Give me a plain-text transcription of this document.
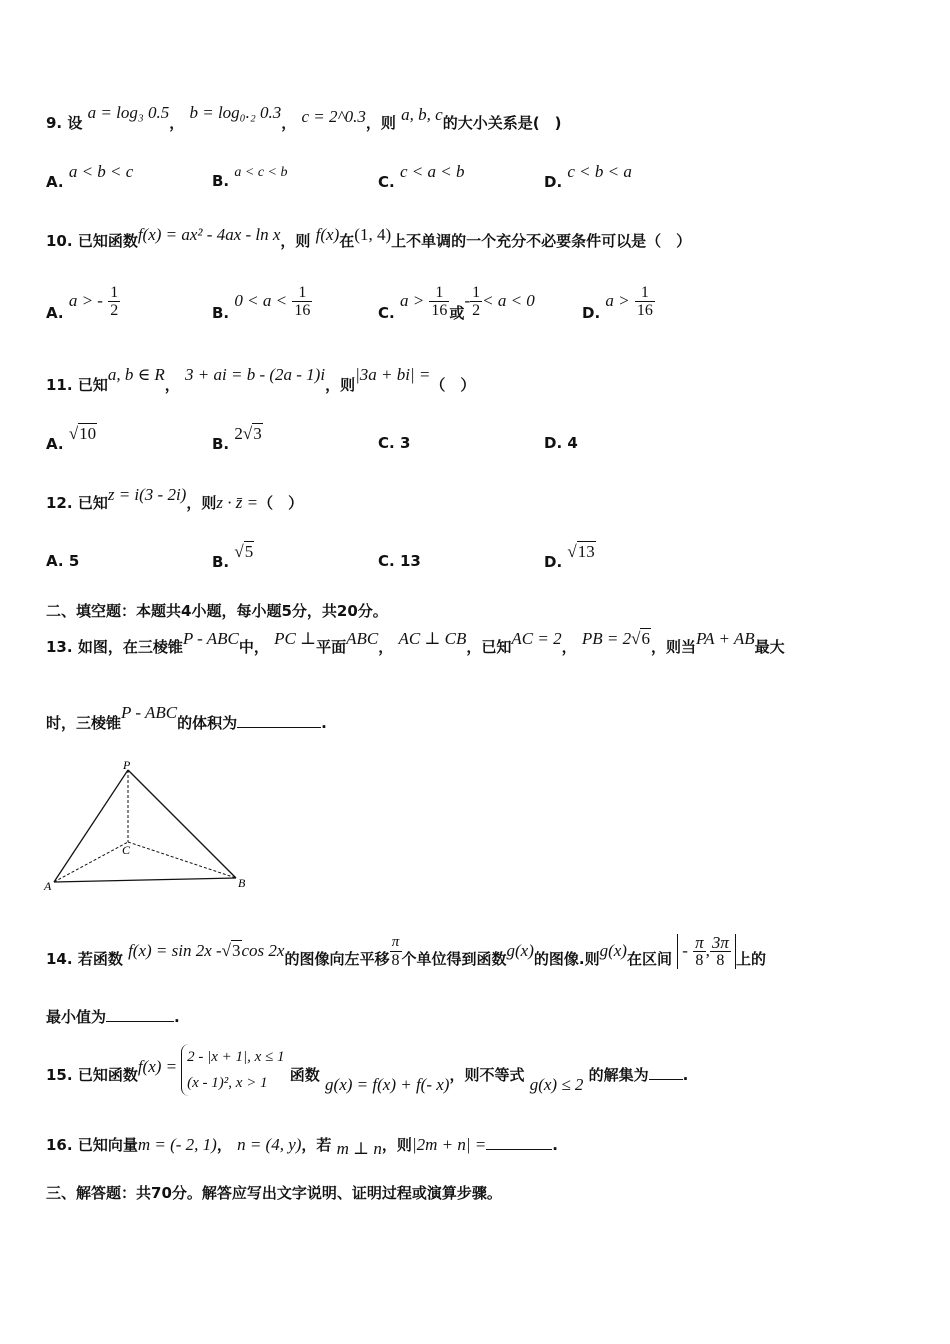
9. 设 a = log₃ 0.5， b = log₀.₂ 0.3， c = 2^0.3，则 a, b, c的大小关系是(　)
A. a < b < c	B. a < c < b
C. c < a < b
D. c < b < a
10. 已知函数f(x) = ax² - 4ax - ln x，则 f(x)在(1, 4)上不单调的一个充分不必要条件可以是（　）
A. a > - $\frac{1}{2}$	B. $0 < a < \frac{1}{16}$	C. $a > \frac{1}{16}$ 或- $\frac{1}{2} < a < 0$
D. $a > \frac{1}{16}$
11. 已知a, b ∈ R， 3 + ai = b - (2a - 1)i，则|3a + bi| =（　）
A. √10
B. 2√3	C. 3	D. 4
12. 已知z = i(3 - 2i)，则z · z̄ =（　）
A. 5	B. √5	C. 13	D. √13
二、填空题：本题共4小题，每小题5分，共20分。
13. 如图，在三棱锥P - ABC中， PC ⊥平面ABC， AC ⊥ CB，已知AC = 2， PB = 2√6，则当PA + AB最大
时，三棱锥P - ABC的体积为	.
P
C
A	B
14. 若函数 f(x) = sin 2x -√3cos 2x的图像向左平移 $\frac{\pi}{8}$ 个单位得到函数g(x)的图像.则g(x)在区间 - $\frac{\pi}{8}$ , $\frac{3\pi}{8}$ 上的
最小值为	.
15. 已知函数f(x) = 2 - |x + 1|, x ≤ 1
(x - 1)², x > 1	函数 g(x) = f(x) + f(- x)，则不等式 g(x) ≤ 2 的解集为 .
16. 已知向量m = (- 2, 1)， n = (4, y)，若 m ⊥ n，则|2m + n| =	.
三、解答题：共70分。解答应写出文字说明、证明过程或演算步骤。
